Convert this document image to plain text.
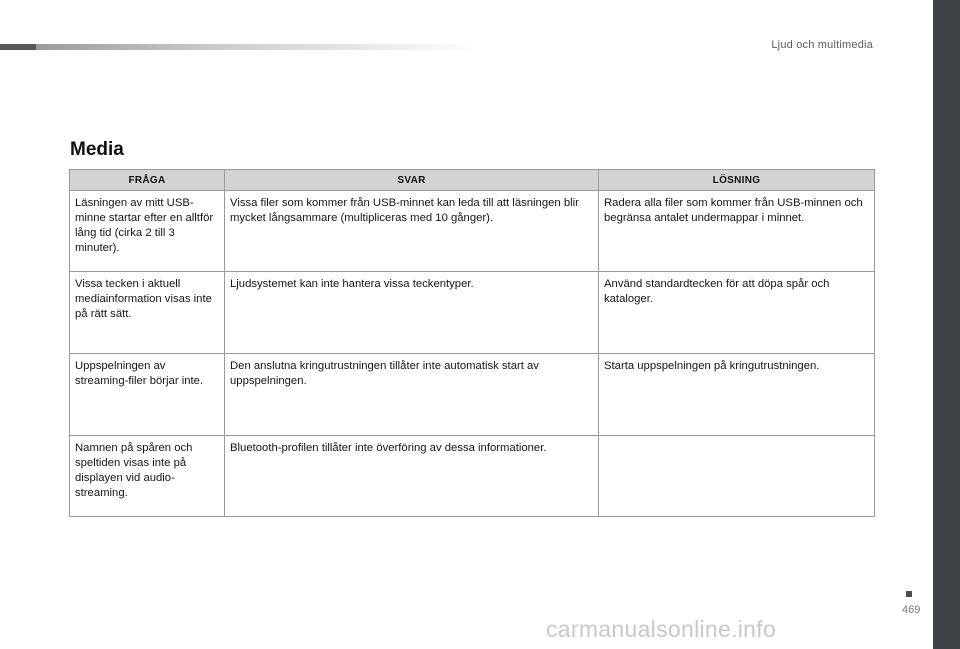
Ljud och multimedia
Media
FRÅGA	SVAR	LÖSNING
Läsningen av mitt USB-minne startar efter en alltför lång tid (cirka 2 till 3 minuter).	Vissa filer som kommer från USB-minnet kan leda till att läsningen blir mycket långsammare (multipliceras med 10 gånger).	Radera alla filer som kommer från USB-minnen och begränsa antalet undermappar i minnet.
Vissa tecken i aktuell mediainformation visas inte på rätt sätt.	Ljudsystemet kan inte hantera vissa teckentyper.	Använd standardtecken för att döpa spår och kataloger.
Uppspelningen av streaming-filer börjar inte.	Den anslutna kringutrustningen tillåter inte automatisk start av uppspelningen.	Starta uppspelningen på kringutrustningen.
Namnen på spåren och speltiden visas inte på displayen vid audio-streaming.	Bluetooth-profilen tillåter inte överföring av dessa informationer.	
469
carmanualsonline.info
